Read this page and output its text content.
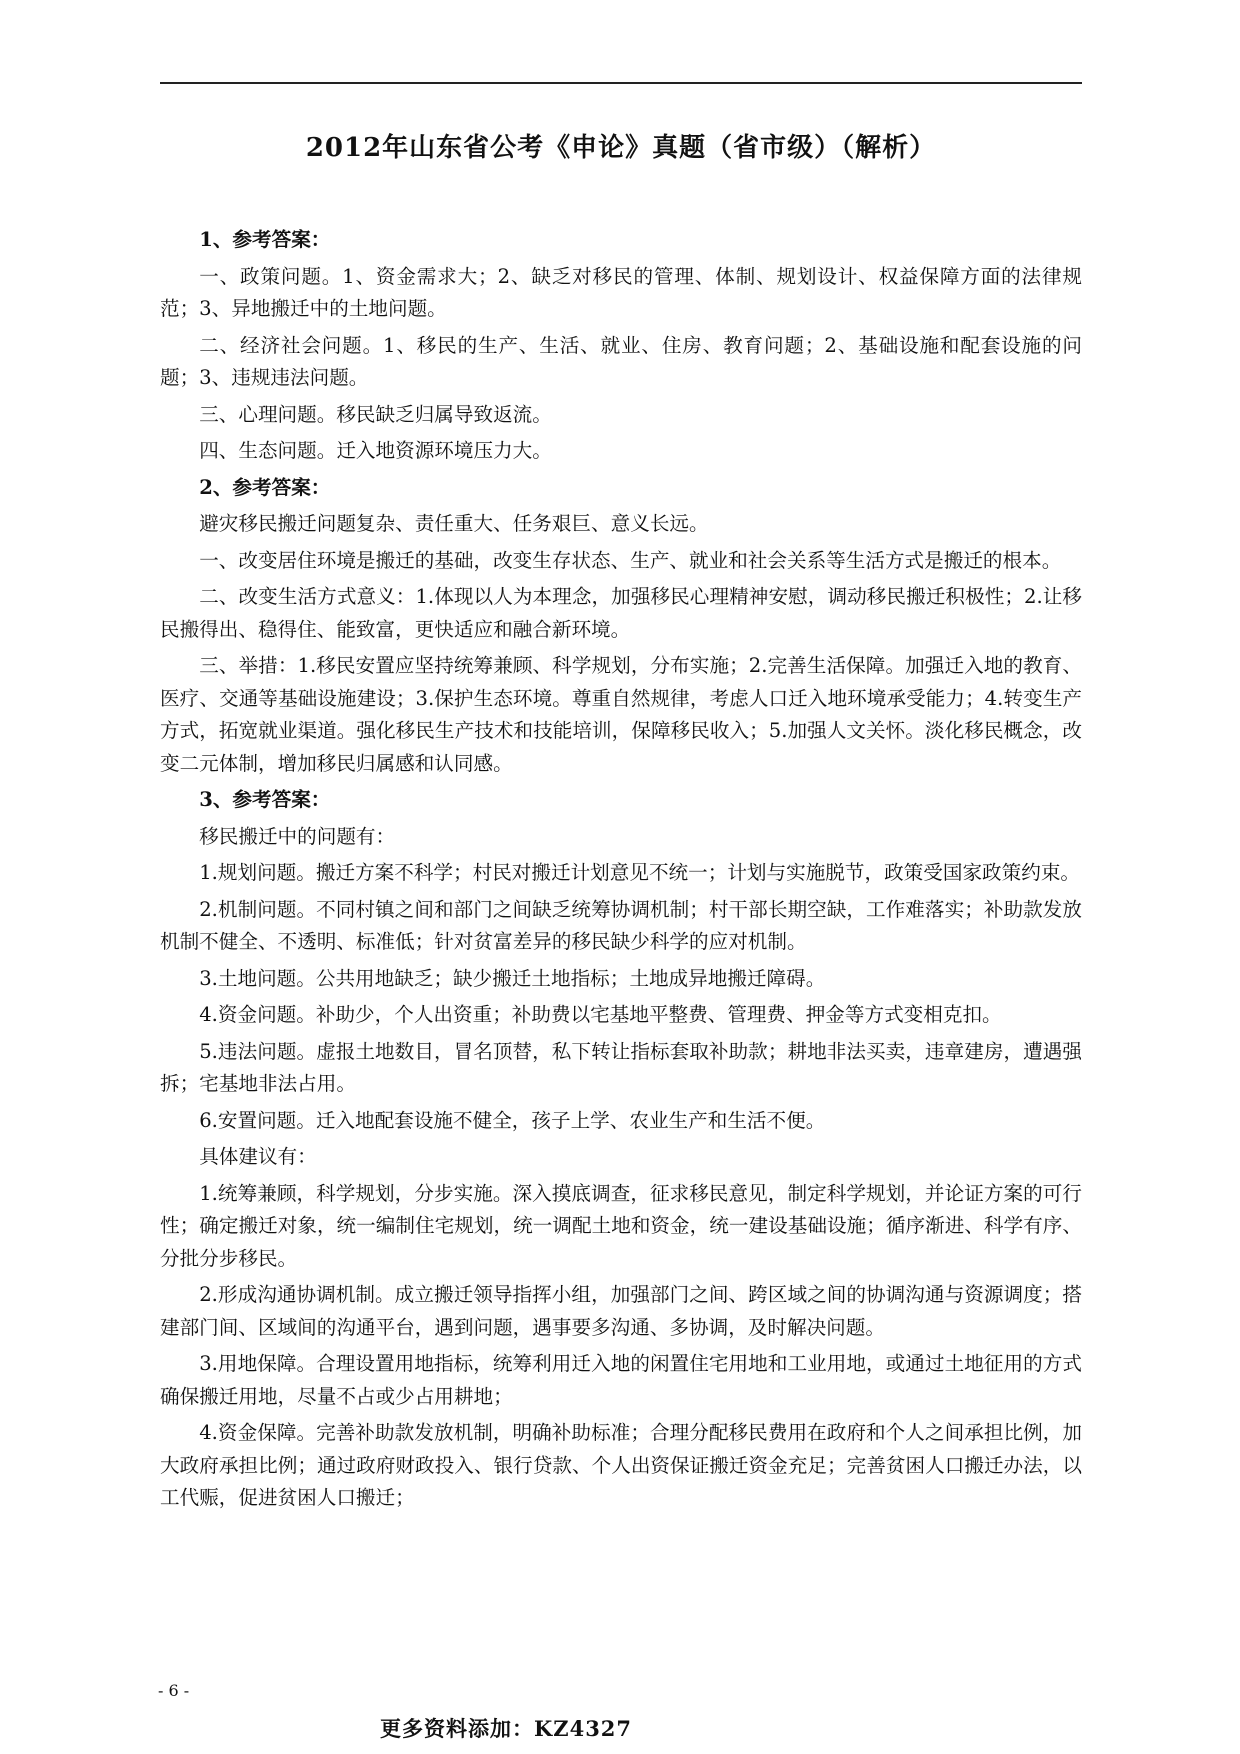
2012年山东省公考《申论》真题（省市级）（解析）

1、参考答案：

一、政策问题。1、资金需求大；2、缺乏对移民的管理、体制、规划设计、权益保障方面的法律规范；3、异地搬迁中的土地问题。

二、经济社会问题。1、移民的生产、生活、就业、住房、教育问题；2、基础设施和配套设施的问题；3、违规违法问题。

三、心理问题。移民缺乏归属导致返流。

四、生态问题。迁入地资源环境压力大。

2、参考答案：

避灾移民搬迁问题复杂、责任重大、任务艰巨、意义长远。

一、改变居住环境是搬迁的基础，改变生存状态、生产、就业和社会关系等生活方式是搬迁的根本。

二、改变生活方式意义：1.体现以人为本理念，加强移民心理精神安慰，调动移民搬迁积极性；2.让移民搬得出、稳得住、能致富，更快适应和融合新环境。

三、举措：1.移民安置应坚持统筹兼顾、科学规划，分布实施；2.完善生活保障。加强迁入地的教育、医疗、交通等基础设施建设；3.保护生态环境。尊重自然规律，考虑人口迁入地环境承受能力；4.转变生产方式，拓宽就业渠道。强化移民生产技术和技能培训，保障移民收入；5.加强人文关怀。淡化移民概念，改变二元体制，增加移民归属感和认同感。

3、参考答案：

移民搬迁中的问题有：

1.规划问题。搬迁方案不科学；村民对搬迁计划意见不统一；计划与实施脱节，政策受国家政策约束。

2.机制问题。不同村镇之间和部门之间缺乏统筹协调机制；村干部长期空缺，工作难落实；补助款发放机制不健全、不透明、标准低；针对贫富差异的移民缺少科学的应对机制。

3.土地问题。公共用地缺乏；缺少搬迁土地指标；土地成异地搬迁障碍。

4.资金问题。补助少，个人出资重；补助费以宅基地平整费、管理费、押金等方式变相克扣。

5.违法问题。虚报土地数目，冒名顶替，私下转让指标套取补助款；耕地非法买卖，违章建房，遭遇强拆；宅基地非法占用。

6.安置问题。迁入地配套设施不健全，孩子上学、农业生产和生活不便。

具体建议有：

1.统筹兼顾，科学规划，分步实施。深入摸底调查，征求移民意见，制定科学规划，并论证方案的可行性；确定搬迁对象，统一编制住宅规划，统一调配土地和资金，统一建设基础设施；循序渐进、科学有序、分批分步移民。

2.形成沟通协调机制。成立搬迁领导指挥小组，加强部门之间、跨区域之间的协调沟通与资源调度；搭建部门间、区域间的沟通平台，遇到问题，遇事要多沟通、多协调，及时解决问题。

3.用地保障。合理设置用地指标，统筹利用迁入地的闲置住宅用地和工业用地，或通过土地征用的方式确保搬迁用地，尽量不占或少占用耕地；

4.资金保障。完善补助款发放机制，明确补助标准；合理分配移民费用在政府和个人之间承担比例，加大政府承担比例；通过政府财政投入、银行贷款、个人出资保证搬迁资金充足；完善贫困人口搬迁办法，以工代赈，促进贫困人口搬迁；

- 6 -
更多资料添加：KZ4327
